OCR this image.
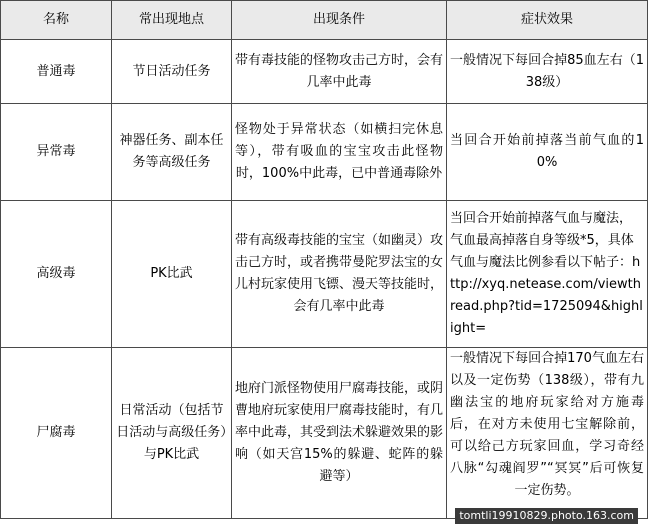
名称	常出现地点	出现条件	症状效果
普通毒	节日活动任务	带有毒技能的怪物攻击己方时，会有几率中此毒	一般情况下每回合掉85血左右（138级）
异常毒	神器任务、副本任务等高级任务	怪物处于异常状态（如横扫完休息等），带有吸血的宝宝攻击此怪物时，100%中此毒，已中普通毒除外	当回合开始前掉落当前气血的10%
高级毒	PK比武	带有高级毒技能的宝宝（如幽灵）攻击己方时，或者携带曼陀罗法宝的女儿村玩家使用飞镖、漫天等技能时，会有几率中此毒	当回合开始前掉落气血与魔法，气血最高掉落自身等级*5，具体气血与魔法比例参看以下帖子：http://xyq.netease.com/viewthread.php?tid=1725094&highlight=
尸腐毒	日常活动（包括节日活动与高级任务）与PK比武	地府门派怪物使用尸腐毒技能，或阴曹地府玩家使用尸腐毒技能时，有几率中此毒，其受到法术躲避效果的影响（如天宫15%的躲避、蛇阵的躲避等）	一般情况下每回合掉170气血左右以及一定伤势（138级），带有九幽法宝的地府玩家给对方施毒后，在对方未使用七宝解除前，可以给己方玩家回血，学习奇经八脉“勾魂阎罗”“冥冥”后可恢复一定伤势。
tomtli19910829.photo.163.com
